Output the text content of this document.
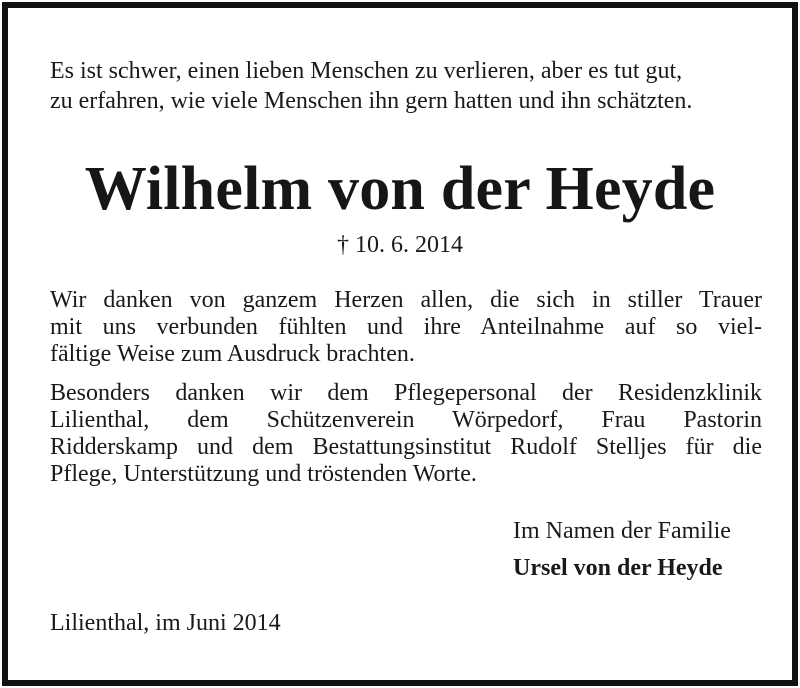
Es ist schwer, einen lieben Menschen zu verlieren, aber es tut gut,
zu erfahren, wie viele Menschen ihn gern hatten und ihn schätzten.

Wilhelm von der Heyde
† 10. 6. 2014

Wir danken von ganzem Herzen allen, die sich in stiller Trauer
mit uns verbunden fühlten und ihre Anteilnahme auf so viel-
fältige Weise zum Ausdruck brachten.

Besonders danken wir dem Pflegepersonal der Residenzklinik
Lilienthal, dem Schützenverein Wörpedorf, Frau Pastorin
Ridderskamp und dem Bestattungsinstitut Rudolf Stelljes für die
Pflege, Unterstützung und tröstenden Worte.

Im Namen der Familie
Ursel von der Heyde
Lilienthal, im Juni 2014
